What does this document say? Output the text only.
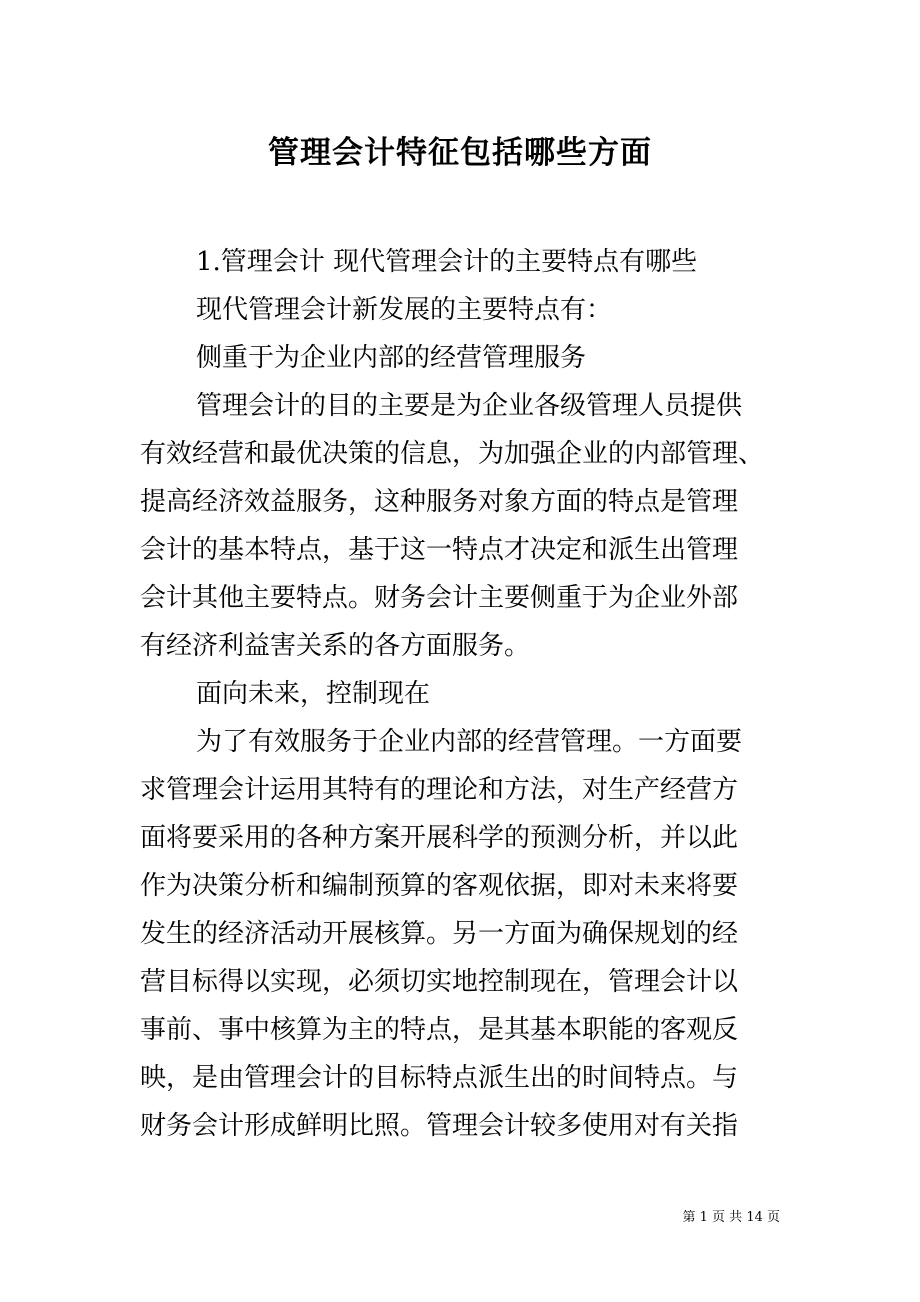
管理会计特征包括哪些方面

1.管理会计 现代管理会计的主要特点有哪些

现代管理会计新发展的主要特点有：

侧重于为企业内部的经营管理服务

管理会计的目的主要是为企业各级管理人员提供

有效经营和最优决策的信息，为加强企业的内部管理、

提高经济效益服务，这种服务对象方面的特点是管理

会计的基本特点，基于这一特点才决定和派生出管理

会计其他主要特点。财务会计主要侧重于为企业外部

有经济利益害关系的各方面服务。

面向未来，控制现在

为了有效服务于企业内部的经营管理。一方面要

求管理会计运用其特有的理论和方法，对生产经营方

面将要采用的各种方案开展科学的预测分析，并以此

作为决策分析和编制预算的客观依据，即对未来将要

发生的经济活动开展核算。另一方面为确保规划的经

营目标得以实现，必须切实地控制现在，管理会计以

事前、事中核算为主的特点，是其基本职能的客观反

映，是由管理会计的目标特点派生出的时间特点。与

财务会计形成鲜明比照。管理会计较多使用对有关指

第 1 页 共 14 页
